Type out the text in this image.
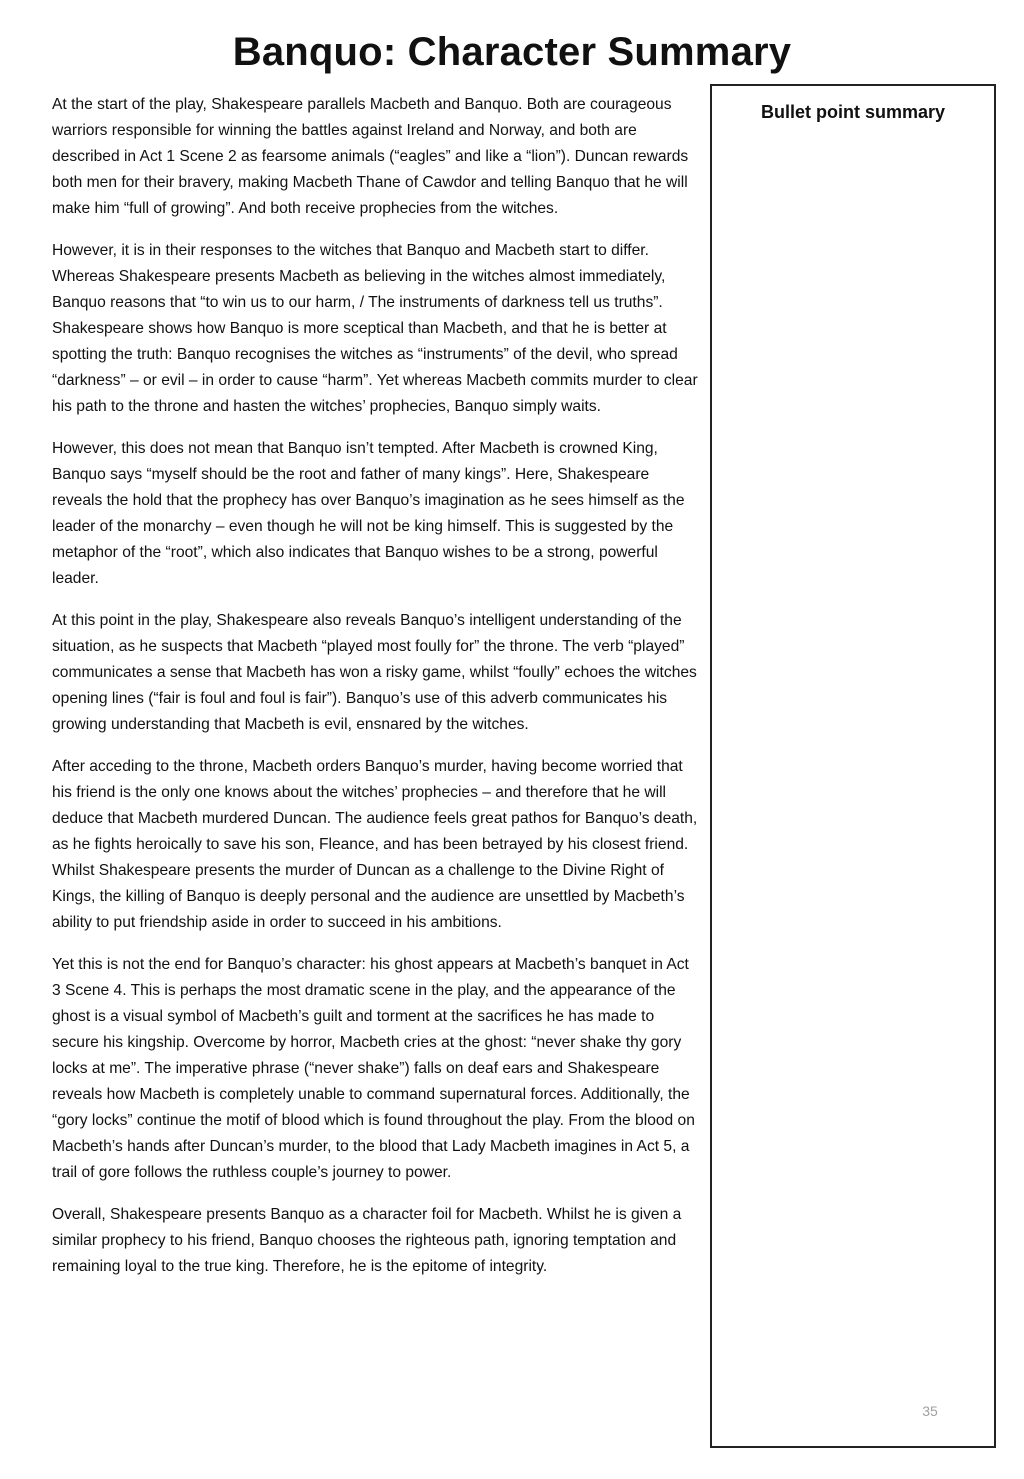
Banquo: Character Summary

At the start of the play, Shakespeare parallels Macbeth and Banquo. Both are courageous warriors responsible for winning the battles against Ireland and Norway, and both are described in Act 1 Scene 2 as fearsome animals (“eagles” and like a “lion”). Duncan rewards both men for their bravery, making Macbeth Thane of Cawdor and telling Banquo that he will make him “full of growing”. And both receive prophecies from the witches.

However, it is in their responses to the witches that Banquo and Macbeth start to differ. Whereas Shakespeare presents Macbeth as believing in the witches almost immediately, Banquo reasons that “to win us to our harm, / The instruments of darkness tell us truths”. Shakespeare shows how Banquo is more sceptical than Macbeth, and that he is better at spotting the truth: Banquo recognises the witches as “instruments” of the devil, who spread “darkness” – or evil – in order to cause “harm”. Yet whereas Macbeth commits murder to clear his path to the throne and hasten the witches’ prophecies, Banquo simply waits.

However, this does not mean that Banquo isn’t tempted. After Macbeth is crowned King, Banquo says “myself should be the root and father of many kings”. Here, Shakespeare reveals the hold that the prophecy has over Banquo’s imagination as he sees himself as the leader of the monarchy – even though he will not be king himself. This is suggested by the metaphor of the “root”, which also indicates that Banquo wishes to be a strong, powerful leader.

At this point in the play, Shakespeare also reveals Banquo’s intelligent understanding of the situation, as he suspects that Macbeth “played most foully for” the throne. The verb “played” communicates a sense that Macbeth has won a risky game, whilst “foully” echoes the witches opening lines (“fair is foul and foul is fair”). Banquo’s use of this adverb communicates his growing understanding that Macbeth is evil, ensnared by the witches.

After acceding to the throne, Macbeth orders Banquo’s murder, having become worried that his friend is the only one knows about the witches’ prophecies – and therefore that he will deduce that Macbeth murdered Duncan. The audience feels great pathos for Banquo’s death, as he fights heroically to save his son, Fleance, and has been betrayed by his closest friend. Whilst Shakespeare presents the murder of Duncan as a challenge to the Divine Right of Kings, the killing of Banquo is deeply personal and the audience are unsettled by Macbeth’s ability to put friendship aside in order to succeed in his ambitions.

Yet this is not the end for Banquo’s character: his ghost appears at Macbeth’s banquet in Act 3 Scene 4. This is perhaps the most dramatic scene in the play, and the appearance of the ghost is a visual symbol of Macbeth’s guilt and torment at the sacrifices he has made to secure his kingship. Overcome by horror, Macbeth cries at the ghost: “never shake thy gory locks at me”. The imperative phrase (“never shake”) falls on deaf ears and Shakespeare reveals how Macbeth is completely unable to command supernatural forces. Additionally, the “gory locks” continue the motif of blood which is found throughout the play. From the blood on Macbeth’s hands after Duncan’s murder, to the blood that Lady Macbeth imagines in Act 5, a trail of gore follows the ruthless couple’s journey to power.

Overall, Shakespeare presents Banquo as a character foil for Macbeth. Whilst he is given a similar prophecy to his friend, Banquo chooses the righteous path, ignoring temptation and remaining loyal to the true king. Therefore, he is the epitome of integrity.

Bullet point summary
35
